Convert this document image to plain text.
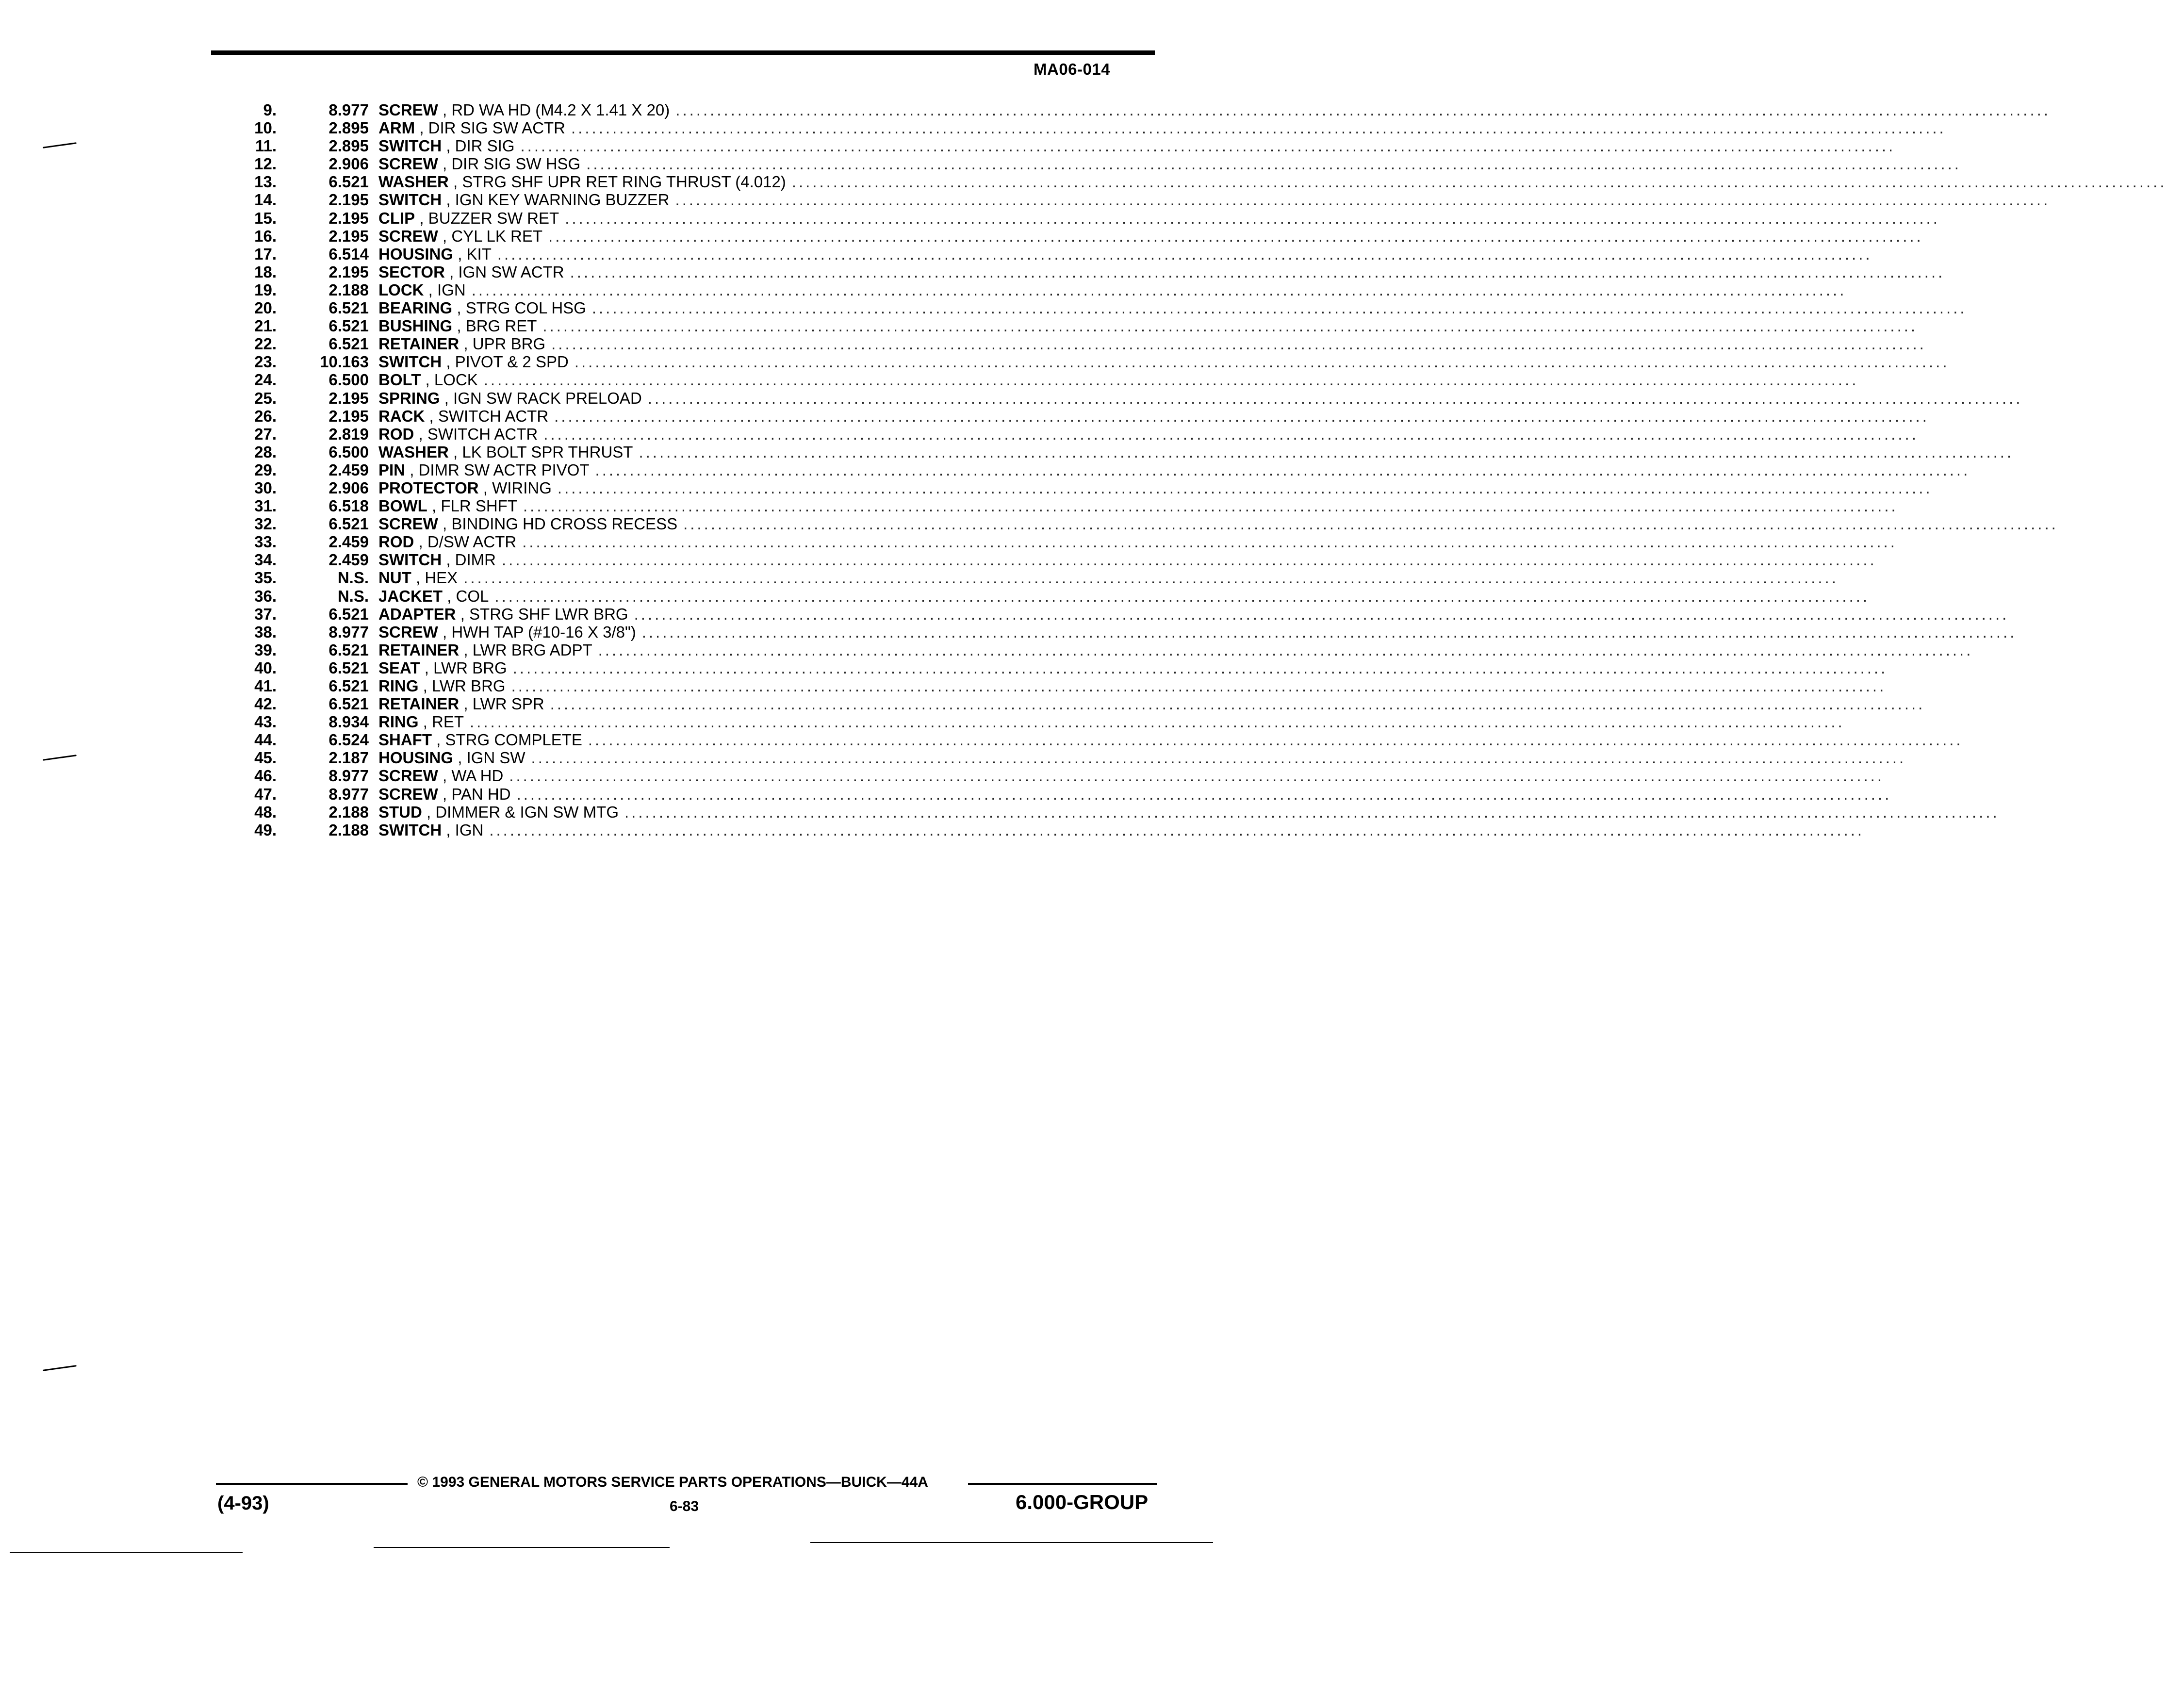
MA06-014
9.	8.977 SCREW , RD WA HD (M4.2 X 1.41 X 20) ........................................................................................................................................................................................................
10.	2.895 ARM , DIR SIG SW ACTR ........................................................................................................................................................................................................
11.	2.895 SWITCH , DIR SIG ........................................................................................................................................................................................................
12.	2.906 SCREW , DIR SIG SW HSG ........................................................................................................................................................................................................
13.	6.521 WASHER , STRG SHF UPR RET RING THRUST (4.012) ........................................................................................................................................................................................................
14.	2.195 SWITCH , IGN KEY WARNING BUZZER ........................................................................................................................................................................................................
15.	2.195 CLIP , BUZZER SW RET ........................................................................................................................................................................................................
16.	2.195 SCREW , CYL LK RET ........................................................................................................................................................................................................
17.	6.514 HOUSING , KIT ........................................................................................................................................................................................................
18.	2.195 SECTOR , IGN SW ACTR ........................................................................................................................................................................................................
19.	2.188 LOCK , IGN ........................................................................................................................................................................................................
20.	6.521 BEARING , STRG COL HSG ........................................................................................................................................................................................................
21.	6.521 BUSHING , BRG RET ........................................................................................................................................................................................................
22.	6.521 RETAINER , UPR BRG ........................................................................................................................................................................................................
23.	10.163 SWITCH , PIVOT & 2 SPD ........................................................................................................................................................................................................
24.	6.500 BOLT , LOCK ........................................................................................................................................................................................................
25.	2.195 SPRING , IGN SW RACK PRELOAD ........................................................................................................................................................................................................
26.	2.195 RACK , SWITCH ACTR ........................................................................................................................................................................................................
27.	2.819 ROD , SWITCH ACTR ........................................................................................................................................................................................................
28.	6.500 WASHER , LK BOLT SPR THRUST ........................................................................................................................................................................................................
29.	2.459 PIN , DIMR SW ACTR PIVOT ........................................................................................................................................................................................................
30.	2.906 PROTECTOR , WIRING ........................................................................................................................................................................................................
31.	6.518 BOWL , FLR SHFT ........................................................................................................................................................................................................
32.	6.521 SCREW , BINDING HD CROSS RECESS ........................................................................................................................................................................................................
33.	2.459 ROD , D/SW ACTR ........................................................................................................................................................................................................
34.	2.459 SWITCH , DIMR ........................................................................................................................................................................................................
35.	N.S. NUT , HEX ........................................................................................................................................................................................................
36.	N.S. JACKET , COL ........................................................................................................................................................................................................
37.	6.521 ADAPTER , STRG SHF LWR BRG ........................................................................................................................................................................................................
38.	8.977 SCREW , HWH TAP (#10-16 X 3/8") ........................................................................................................................................................................................................
39.	6.521 RETAINER , LWR BRG ADPT ........................................................................................................................................................................................................
40.	6.521 SEAT , LWR BRG ........................................................................................................................................................................................................
41.	6.521 RING , LWR BRG ........................................................................................................................................................................................................
42.	6.521 RETAINER , LWR SPR ........................................................................................................................................................................................................
43.	8.934 RING , RET ........................................................................................................................................................................................................
44.	6.524 SHAFT , STRG COMPLETE ........................................................................................................................................................................................................
45.	2.187 HOUSING , IGN SW ........................................................................................................................................................................................................
46.	8.977 SCREW , WA HD ........................................................................................................................................................................................................
47.	8.977 SCREW , PAN HD ........................................................................................................................................................................................................
48.	2.188 STUD , DIMMER & IGN SW MTG ........................................................................................................................................................................................................
49.	2.188 SWITCH , IGN ........................................................................................................................................................................................................
© 1993 GENERAL MOTORS SERVICE PARTS OPERATIONS—BUICK—44A
(4-93)	6-83	6.000-GROUP
